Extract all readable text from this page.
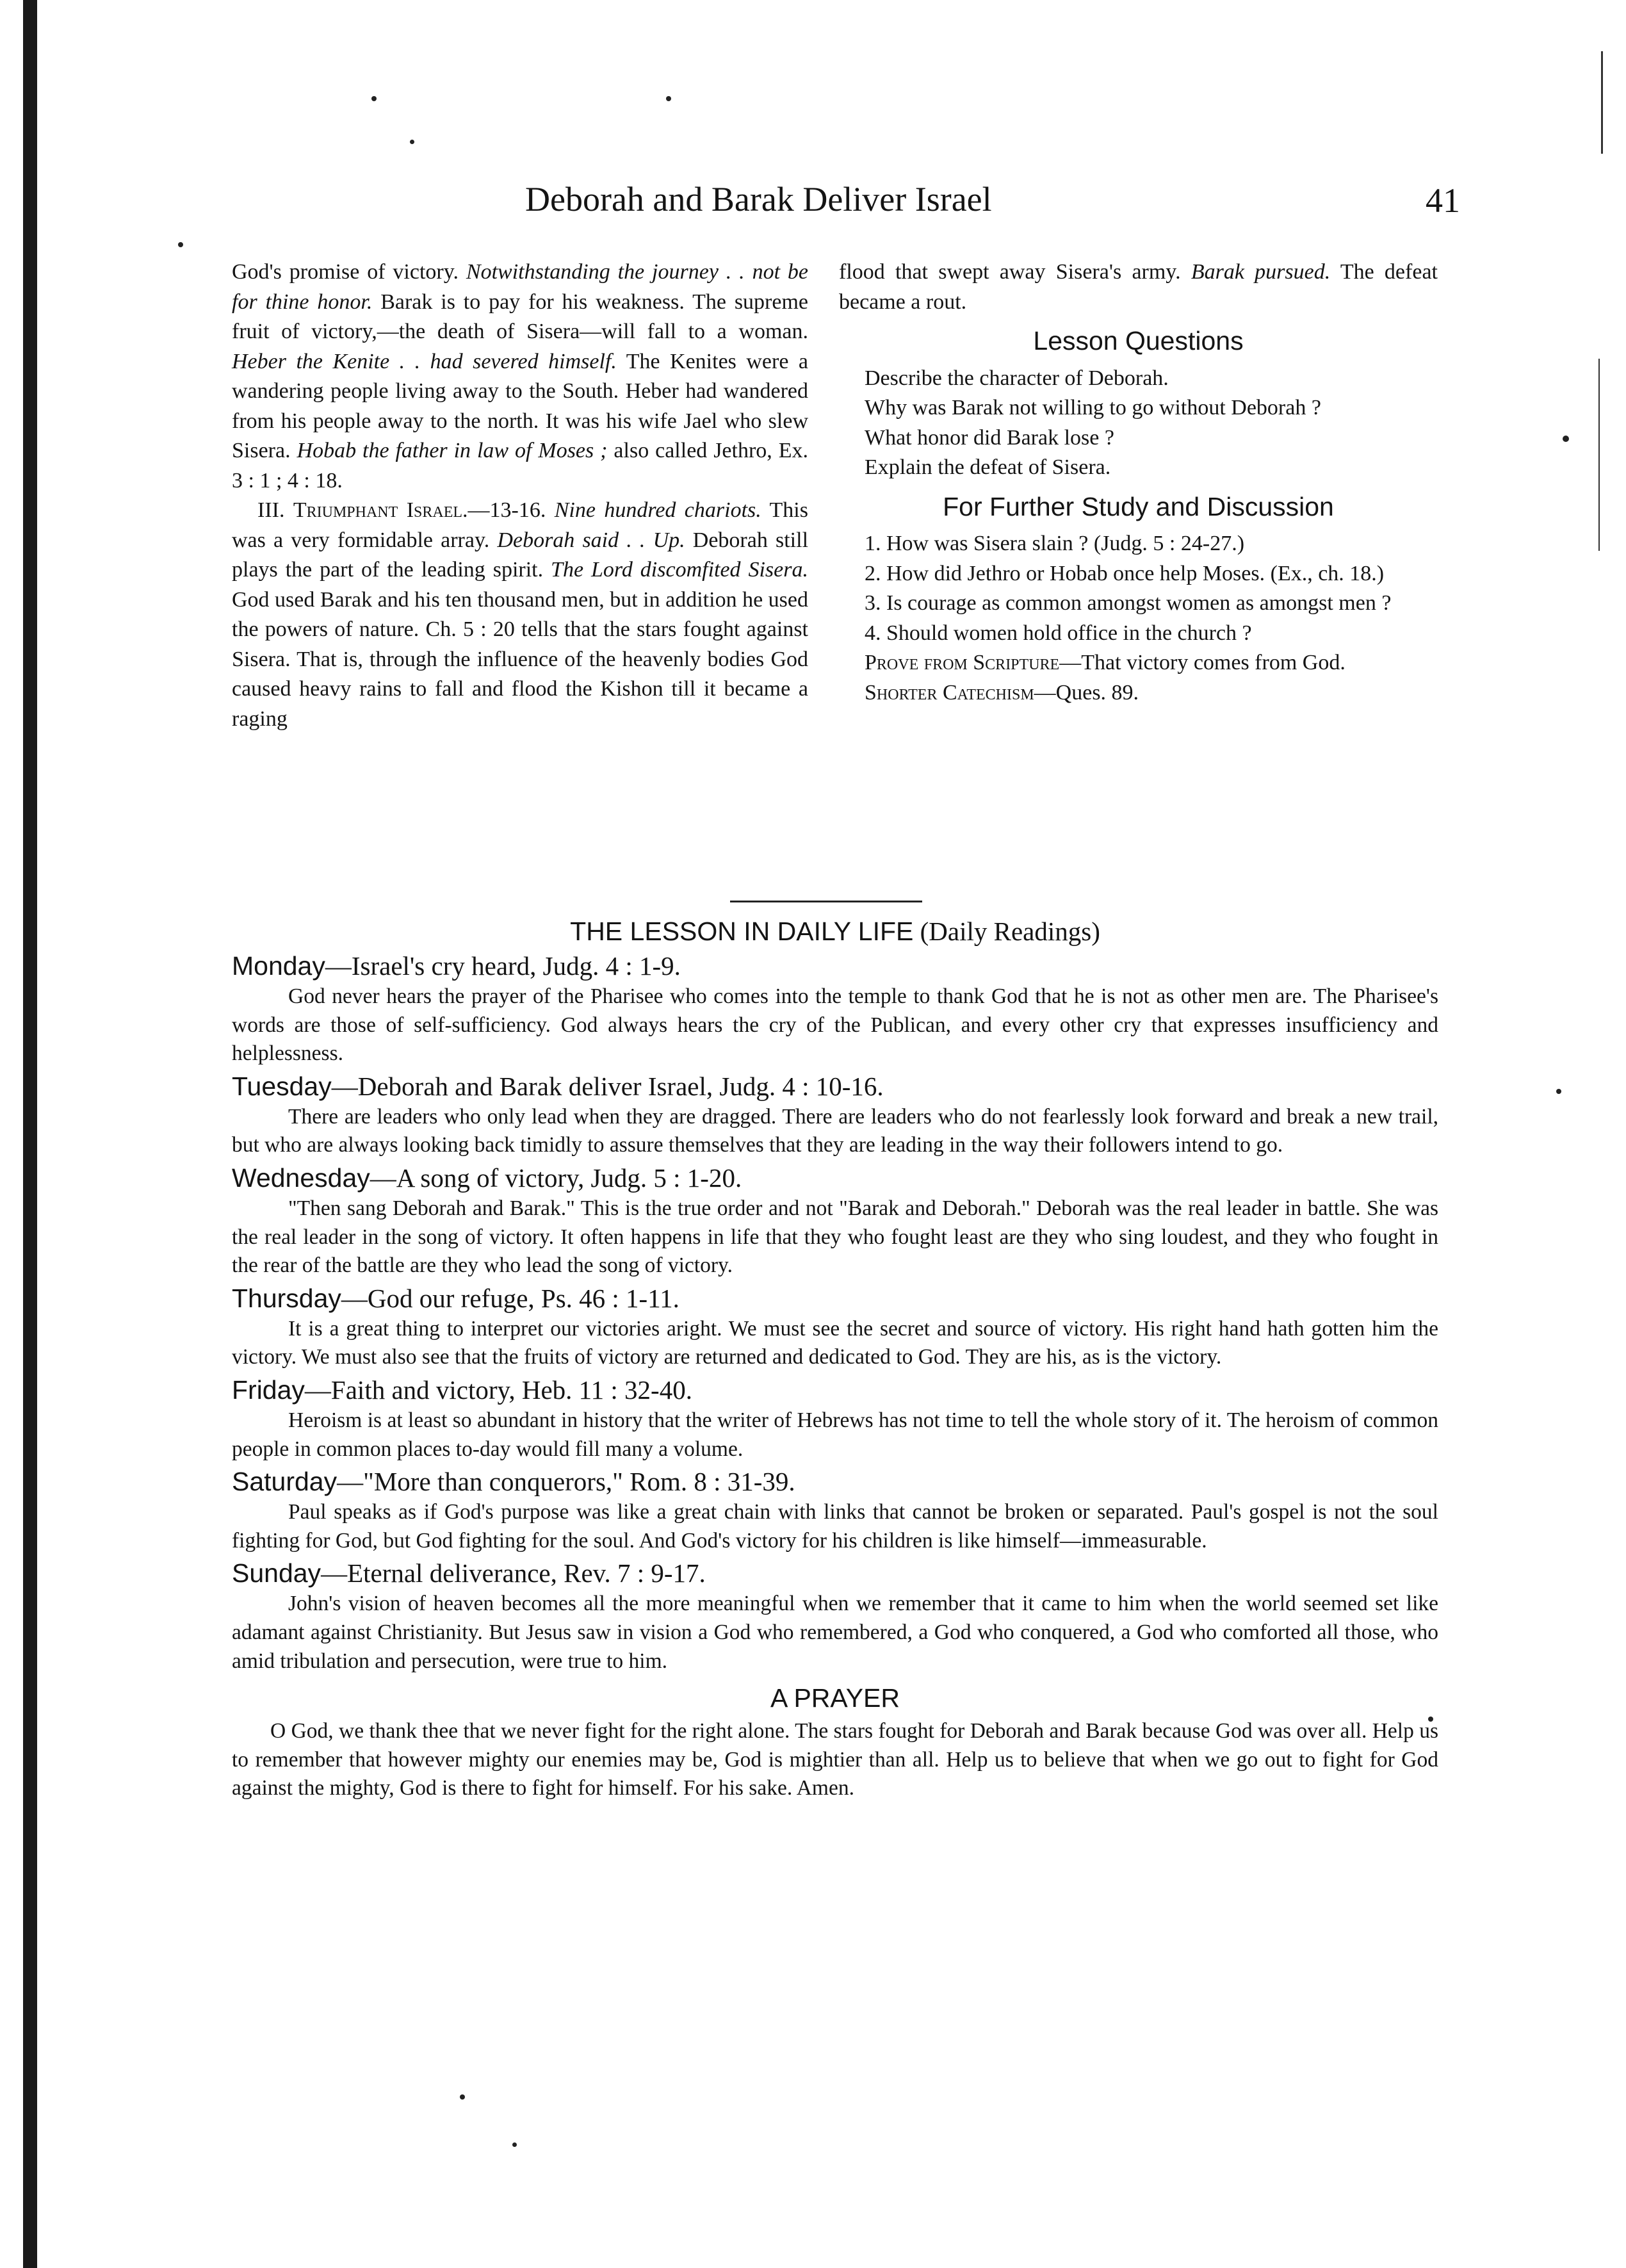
Deborah and Barak Deliver Israel	41

God's promise of victory. Notwithstanding the journey . . not be for thine honor. Barak is to pay for his weakness. The supreme fruit of victory,—the death of Sisera—will fall to a woman. Heber the Kenite . . had severed himself. The Kenites were a wandering people living away to the South. Heber had wandered from his people away to the north. It was his wife Jael who slew Sisera. Hobab the father in law of Moses ; also called Jethro, Ex. 3 : 1 ; 4 : 18.

III. Triumphant Israel.—13-16. Nine hundred chariots. This was a very formidable array. Deborah said . . Up. Deborah still plays the part of the leading spirit. The Lord discomfited Sisera. God used Barak and his ten thousand men, but in addition he used the powers of nature. Ch. 5 : 20 tells that the stars fought against Sisera. That is, through the influence of the heavenly bodies God caused heavy rains to fall and flood the Kishon till it became a raging

flood that swept away Sisera's army. Barak pursued. The defeat became a rout.

Lesson Questions

Describe the character of Deborah.

Why was Barak not willing to go without Deborah ?

What honor did Barak lose ?

Explain the defeat of Sisera.

For Further Study and Discussion

1. How was Sisera slain ? (Judg. 5 : 24-27.)

2. How did Jethro or Hobab once help Moses. (Ex., ch. 18.)

3. Is courage as common amongst women as amongst men ?

4. Should women hold office in the church ?

Prove from Scripture—That victory comes from God.

Shorter Catechism—Ques. 89.

THE LESSON IN DAILY LIFE (Daily Readings)

Monday—Israel's cry heard, Judg. 4 : 1-9.

God never hears the prayer of the Pharisee who comes into the temple to thank God that he is not as other men are. The Pharisee's words are those of self-sufficiency. God always hears the cry of the Publican, and every other cry that expresses insufficiency and helplessness.

Tuesday—Deborah and Barak deliver Israel, Judg. 4 : 10-16.

There are leaders who only lead when they are dragged. There are leaders who do not fearlessly look forward and break a new trail, but who are always looking back timidly to assure themselves that they are leading in the way their followers intend to go.

Wednesday—A song of victory, Judg. 5 : 1-20.

"Then sang Deborah and Barak." This is the true order and not "Barak and Deborah." Deborah was the real leader in battle. She was the real leader in the song of victory. It often happens in life that they who fought least are they who sing loudest, and they who fought in the rear of the battle are they who lead the song of victory.

Thursday—God our refuge, Ps. 46 : 1-11.

It is a great thing to interpret our victories aright. We must see the secret and source of victory. His right hand hath gotten him the victory. We must also see that the fruits of victory are returned and dedicated to God. They are his, as is the victory.

Friday—Faith and victory, Heb. 11 : 32-40.

Heroism is at least so abundant in history that the writer of Hebrews has not time to tell the whole story of it. The heroism of common people in common places to-day would fill many a volume.

Saturday—"More than conquerors," Rom. 8 : 31-39.

Paul speaks as if God's purpose was like a great chain with links that cannot be broken or separated. Paul's gospel is not the soul fighting for God, but God fighting for the soul. And God's victory for his children is like himself—immeasurable.

Sunday—Eternal deliverance, Rev. 7 : 9-17.

John's vision of heaven becomes all the more meaningful when we remember that it came to him when the world seemed set like adamant against Christianity. But Jesus saw in vision a God who remembered, a God who conquered, a God who comforted all those, who amid tribulation and persecution, were true to him.

A PRAYER

O God, we thank thee that we never fight for the right alone. The stars fought for Deborah and Barak because God was over all. Help us to remember that however mighty our enemies may be, God is mightier than all. Help us to believe that when we go out to fight for God against the mighty, God is there to fight for himself. For his sake. Amen.
